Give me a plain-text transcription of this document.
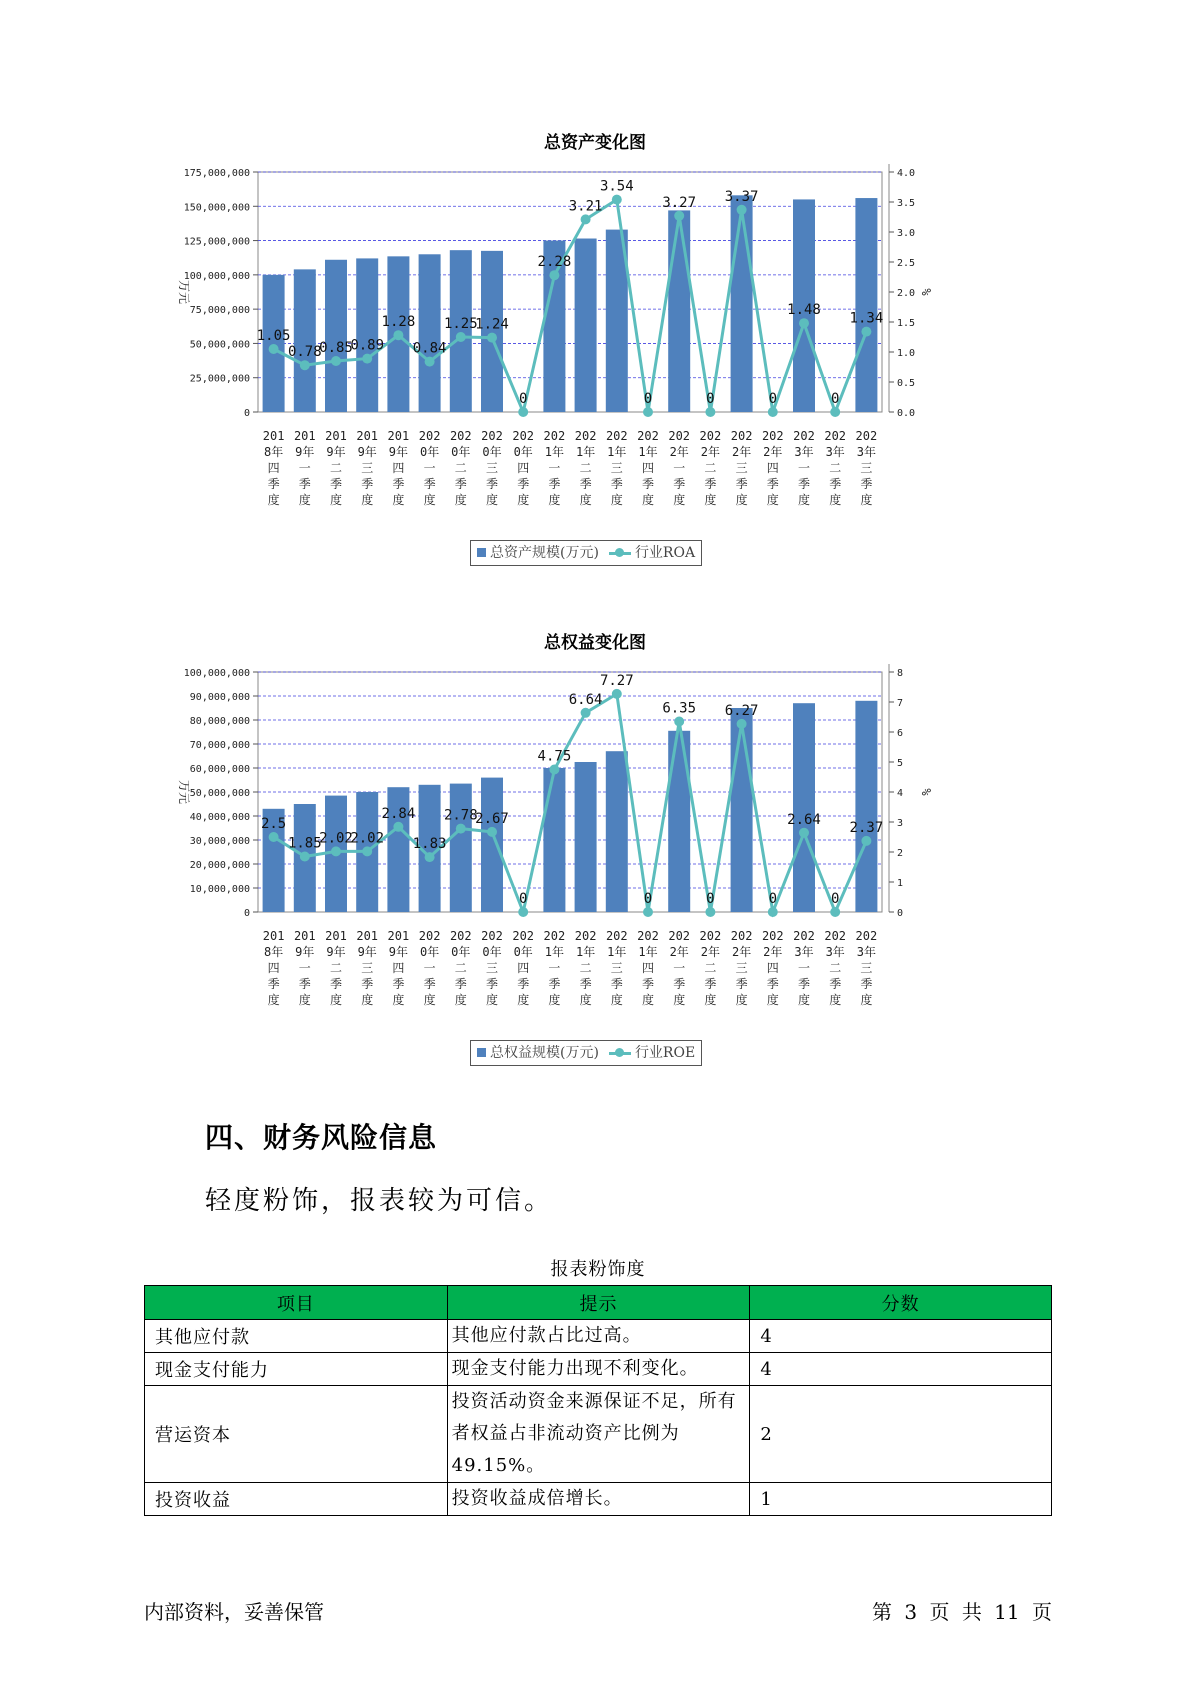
总资产变化图
0
25,000,000
50,000,000
75,000,000
100,000,000
125,000,000
150,000,000
175,000,000
0.0
0.5
1.0
1.5
2.0
2.5
3.0
3.5
4.0
万元	%
1.05
0.78
0.85
0.89
1.28
0.84
1.25
1.24
0
2.28
3.21
3.54
0
3.27
0
3.37
0
1.48
0
1.34
201 8年四季度
201 9年一季度
201 9年二季度
201 9年三季度
201 9年四季度
202 0年一季度
202 0年二季度
202 0年三季度
202 0年四季度
202 1年一季度
202 1年二季度
202 1年三季度
202 1年四季度
202 2年一季度
202 2年二季度
202 2年三季度
202 2年四季度
202 3年一季度
202 3年二季度
202 3年三季度
总资产规模(万元)	行业ROA
总权益变化图
0
10,000,000
20,000,000
30,000,000
40,000,000
50,000,000
60,000,000
70,000,000
80,000,000
90,000,000
100,000,000
0
1
2
3
4
5
6
7
8
万元	%
2.5
1.85
2.02
2.02
2.84
1.83
2.78
2.67
0
4.75
6.64
7.27
0
6.35
0
6.27
0
2.64
0
2.37
201 8年四季度
201 9年一季度
201 9年二季度
201 9年三季度
201 9年四季度
202 0年一季度
202 0年二季度
202 0年三季度
202 0年四季度
202 1年一季度
202 1年二季度
202 1年三季度
202 1年四季度
202 2年一季度
202 2年二季度
202 2年三季度
202 2年四季度
202 3年一季度
202 3年二季度
202 3年三季度
总权益规模(万元)	行业ROE
四、财务风险信息

轻度粉饰，报表较为可信。

报表粉饰度
项目	提示	分数
其他应付款	其他应付款占比过高。	4
现金支付能力	现金支付能力出现不利变化。	4
营运资本	投资活动资金来源保证不足，所有者权益占非流动资产比例为49.15%。	2
投资收益	投资收益成倍增长。	1
内部资料，妥善保管	第 3 页 共 11 页
